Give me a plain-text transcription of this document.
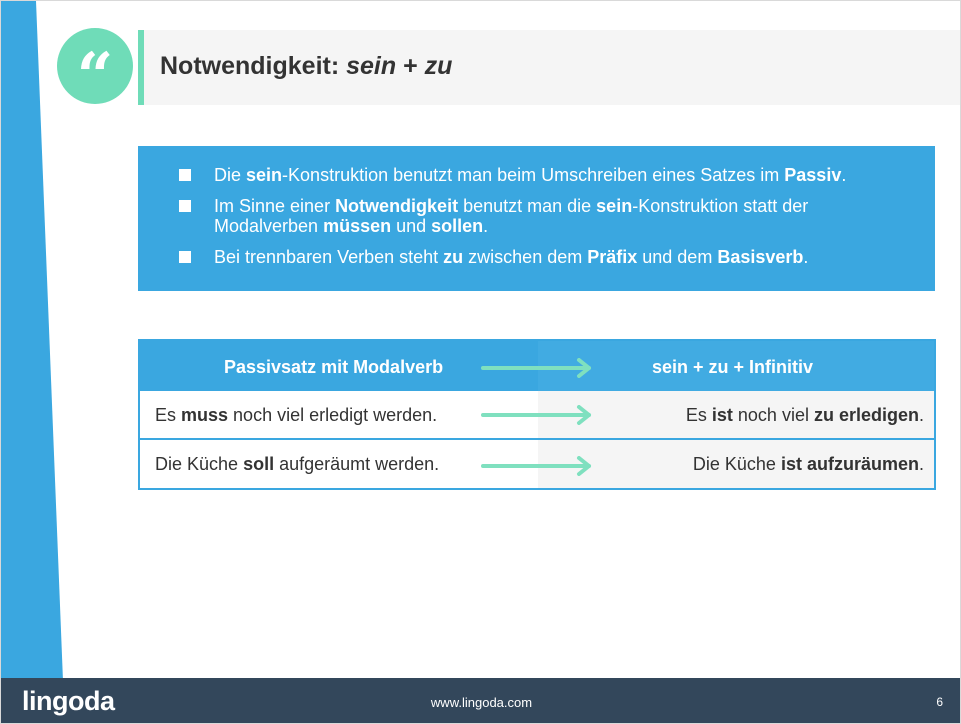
“ Notwendigkeit: sein + zu
Die sein-Konstruktion benutzt man beim Umschreiben eines Satzes im Passiv.
Im Sinne einer Notwendigkeit benutzt man die sein-Konstruktion statt der Modalverben müssen und sollen.
Bei trennbaren Verben steht zu zwischen dem Präfix und dem Basisverb.
Passivsatz mit Modalverb	sein + zu + Infinitiv
Es muss noch viel erledigt werden.	Es ist noch viel zu erledigen.
Die Küche soll aufgeräumt werden.	Die Küche ist aufzuräumen.
lingoda	www.lingoda.com	6
